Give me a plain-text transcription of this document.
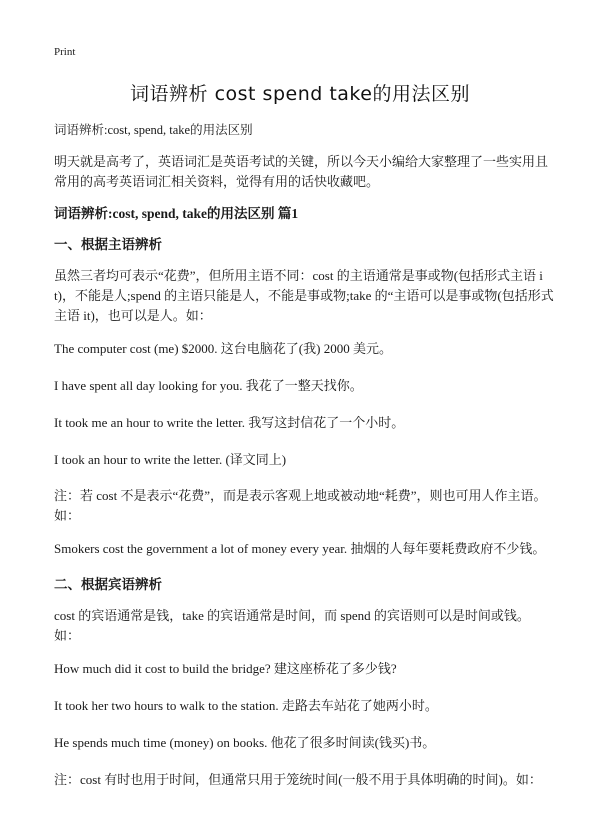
Print
词语辨析 cost spend take的用法区别

词语辨析:cost, spend, take的用法区别

明天就是高考了，英语词汇是英语考试的关键，所以今天小编给大家整理了一些实用且常用的高考英语词汇相关资料，觉得有用的话快收藏吧。

词语辨析:cost, spend, take的用法区别 篇1

一、根据主语辨析

虽然三者均可表示“花费”，但所用主语不同：cost 的主语通常是事或物(包括形式主语 it)，不能是人;spend 的主语只能是人，不能是事或物;take 的“主语可以是事或物(包括形式主语 it)，也可以是人。如：

The computer cost (me) $2000. 这台电脑花了(我) 2000 美元。

I have spent all day looking for you. 我花了一整天找你。

It took me an hour to write the letter. 我写这封信花了一个小时。

I took an hour to write the letter. (译文同上)

注：若 cost 不是表示“花费”，而是表示客观上地或被动地“耗费”，则也可用人作主语。如：

Smokers cost the government a lot of money every year. 抽烟的人每年要耗费政府不少钱。

二、根据宾语辨析

cost 的宾语通常是钱，take 的宾语通常是时间，而 spend 的宾语则可以是时间或钱。如：

How much did it cost to build the bridge? 建这座桥花了多少钱?

It took her two hours to walk to the station. 走路去车站花了她两小时。

He spends much time (money) on books. 他花了很多时间读(钱买)书。

注：cost 有时也用于时间，但通常只用于笼统时间(一般不用于具体明确的时间)。如：
